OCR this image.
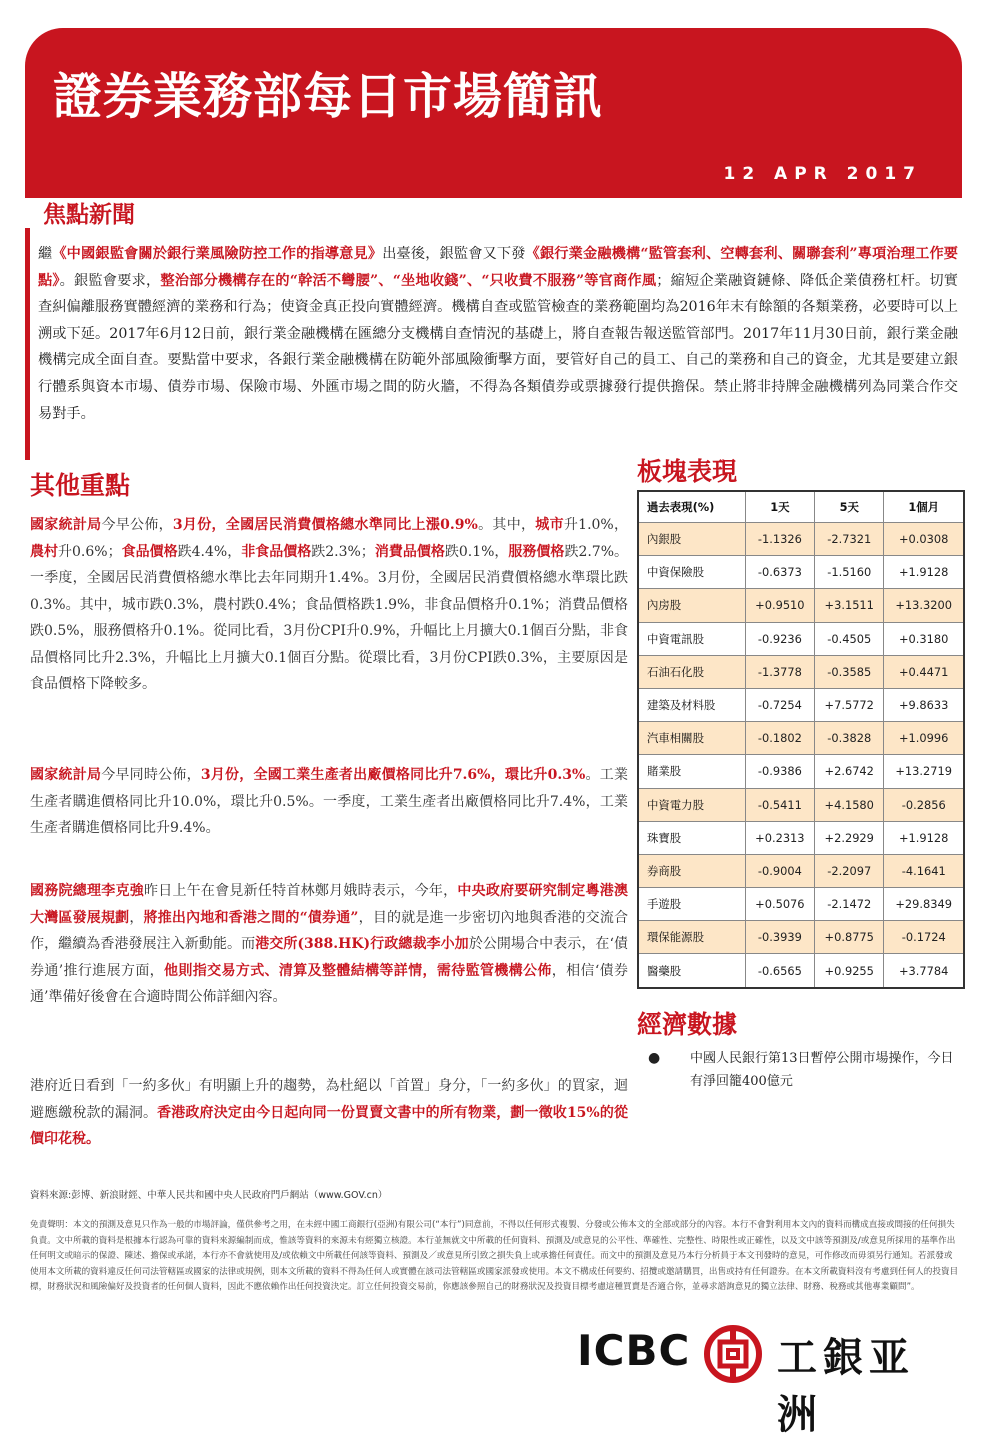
證券業務部每日市場簡訊
12 APR 2017
焦點新聞
繼《中國銀監會關於銀行業風險防控工作的指導意見》出臺後，銀監會又下發《銀行業金融機構“監管套利、空轉套利、關聯套利”專項治理工作要點》。銀監會要求，整治部分機構存在的“幹活不彎腰”、“坐地收錢”、“只收費不服務”等官商作風；縮短企業融資鏈條、降低企業債務杠杆。切實查糾偏離服務實體經濟的業務和行為；使資金真正投向實體經濟。機構自查或監管檢查的業務範圍均為2016年末有餘額的各類業務，必要時可以上溯或下延。2017年6月12日前，銀行業金融機構在匯總分支機構自查情況的基礎上，將自查報告報送監管部門。2017年11月30日前，銀行業金融機構完成全面自查。要點當中要求，各銀行業金融機構在防範外部風險衝擊方面，要管好自己的員工、自己的業務和自己的資金，尤其是要建立銀行體系與資本市場、債券市場、保險市場、外匯市場之間的防火牆，不得為各類債券或票據發行提供擔保。禁止將非持牌金融機構列為同業合作交易對手。
其他重點
國家統計局今早公佈，3月份，全國居民消費價格總水準同比上漲0.9%。其中，城市升1.0%，農村升0.6%；食品價格跌4.4%，非食品價格跌2.3%；消費品價格跌0.1%，服務價格跌2.7%。一季度，全國居民消費價格總水準比去年同期升1.4%。3月份，全國居民消費價格總水準環比跌0.3%。其中，城市跌0.3%，農村跌0.4%；食品價格跌1.9%，非食品價格升0.1%；消費品價格跌0.5%，服務價格升0.1%。從同比看，3月份CPI升0.9%，升幅比上月擴大0.1個百分點，非食品價格同比升2.3%，升幅比上月擴大0.1個百分點。從環比看，3月份CPI跌0.3%，主要原因是食品價格下降較多。
國家統計局今早同時公佈，3月份，全國工業生產者出廠價格同比升7.6%，環比升0.3%。工業生產者購進價格同比升10.0%，環比升0.5%。一季度，工業生產者出廠價格同比升7.4%，工業生產者購進價格同比升9.4%。
國務院總理李克強昨日上午在會見新任特首林鄭月娥時表示，今年，中央政府要研究制定粵港澳大灣區發展規劃，將推出內地和香港之間的“債券通”，目的就是進一步密切內地與香港的交流合作，繼續為香港發展注入新動能。而港交所(388.HK)行政總裁李小加於公開場合中表示，在‘債券通’推行進展方面，他則指交易方式、清算及整體結構等詳情，需待監管機構公佈，相信‘債券通’準備好後會在合適時間公佈詳細內容。
港府近日看到「一約多伙」有明顯上升的趨勢，為杜絕以「首置」身分，「一約多伙」的買家，迴避應繳稅款的漏洞。香港政府決定由今日起向同一份買賣文書中的所有物業，劃一徵收15%的從價印花稅。
板塊表現
過去表現(%)	1天	5天	1個月
內銀股	-1.1326	-2.7321	+0.0308
中資保險股	-0.6373	-1.5160	+1.9128
內房股	+0.9510	+3.1511	+13.3200
中資電訊股	-0.9236	-0.4505	+0.3180
石油石化股	-1.3778	-0.3585	+0.4471
建築及材料股	-0.7254	+7.5772	+9.8633
汽車相關股	-0.1802	-0.3828	+1.0996
賭業股	-0.9386	+2.6742	+13.2719
中資電力股	-0.5411	+4.1580	-0.2856
珠寶股	+0.2313	+2.2929	+1.9128
券商股	-0.9004	-2.2097	-4.1641
手遊股	+0.5076	-2.1472	+29.8349
環保能源股	-0.3939	+0.8775	-0.1724
醫藥股	-0.6565	+0.9255	+3.7784
經濟數據
● 中國人民銀行第13日暫停公開市場操作，今日有淨回籠400億元
資料來源:彭博、新浪財經、中華人民共和國中央人民政府門戶網站（www.GOV.cn）
免責聲明：本文的預測及意見只作為一般的市場評論，僅供參考之用，在未經中國工商銀行(亞洲)有限公司(“本行”)同意前，不得以任何形式複製、分發或公佈本文的全部或部分的內容。本行不會對利用本文內的資料而構成直接或間接的任何損失負責。文中所載的資料是根據本行認為可靠的資料來源編制而成，惟該等資料的來源未有經獨立核證。本行並無就文中所載的任何資料、預測及/或意見的公平性、準確性、完整性、時限性或正確性，以及文中該等預測及/或意見所採用的基準作出任何明文或暗示的保證、陳述、擔保或承諾，本行亦不會就使用及/或依賴文中所載任何該等資料、預測及／或意見所引致之損失負上或承擔任何責任。而文中的預測及意見乃本行分析員于本文刊發時的意見，可作修改而毋須另行通知。若派發或使用本文所載的資料違反任何司法管轄區或國家的法律或規例，則本文所載的資料不得為任何人或實體在該司法管轄區或國家派發或使用。本文不構成任何要約、招攬或邀請購買，出售或持有任何證券。在本文所載資料沒有考慮到任何人的投資目標，財務狀況和風險偏好及投資者的任何個人資料，因此不應依賴作出任何投資決定。訂立任何投資交易前，你應該參照自己的財務狀況及投資目標考慮這種買賣是否適合你，並尋求諮詢意見的獨立法律、財務、稅務或其他專業顧問”。
ICBC 工銀亚洲
